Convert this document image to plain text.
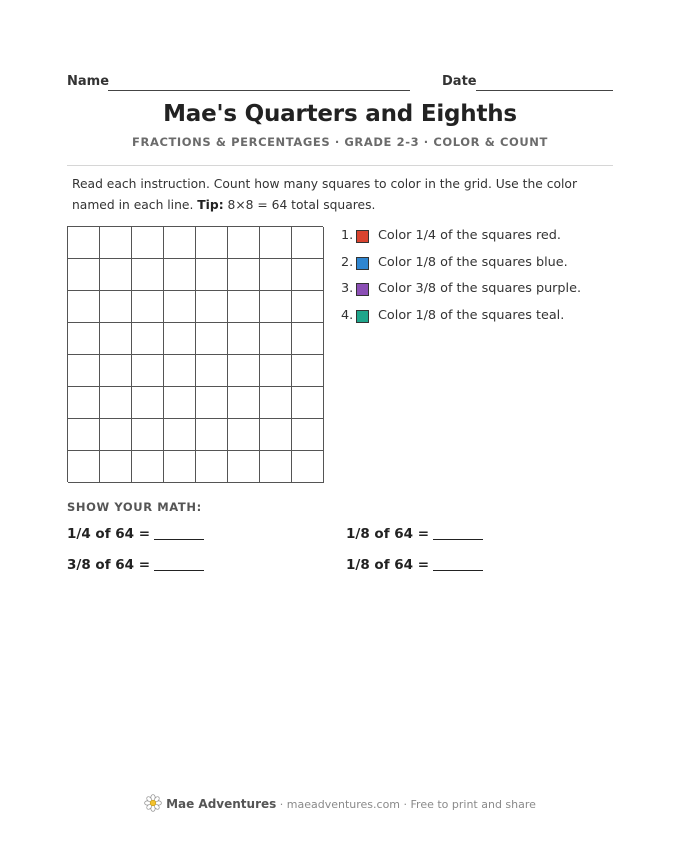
Name	Date
Mae's Quarters and Eighths
FRACTIONS & PERCENTAGES · GRADE 2-3 · COLOR & COUNT
Read each instruction. Count how many squares to color in the grid. Use the color named in each line. Tip: 8×8 = 64 total squares.
1. Color 1/4 of the squares red.
2. Color 1/8 of the squares blue.
3. Color 3/8 of the squares purple.
4. Color 1/8 of the squares teal.
SHOW YOUR MATH:
1/4 of 64 =	1/8 of 64 =
3/8 of 64 =	1/8 of 64 =
Mae Adventures · maeadventures.com · Free to print and share
